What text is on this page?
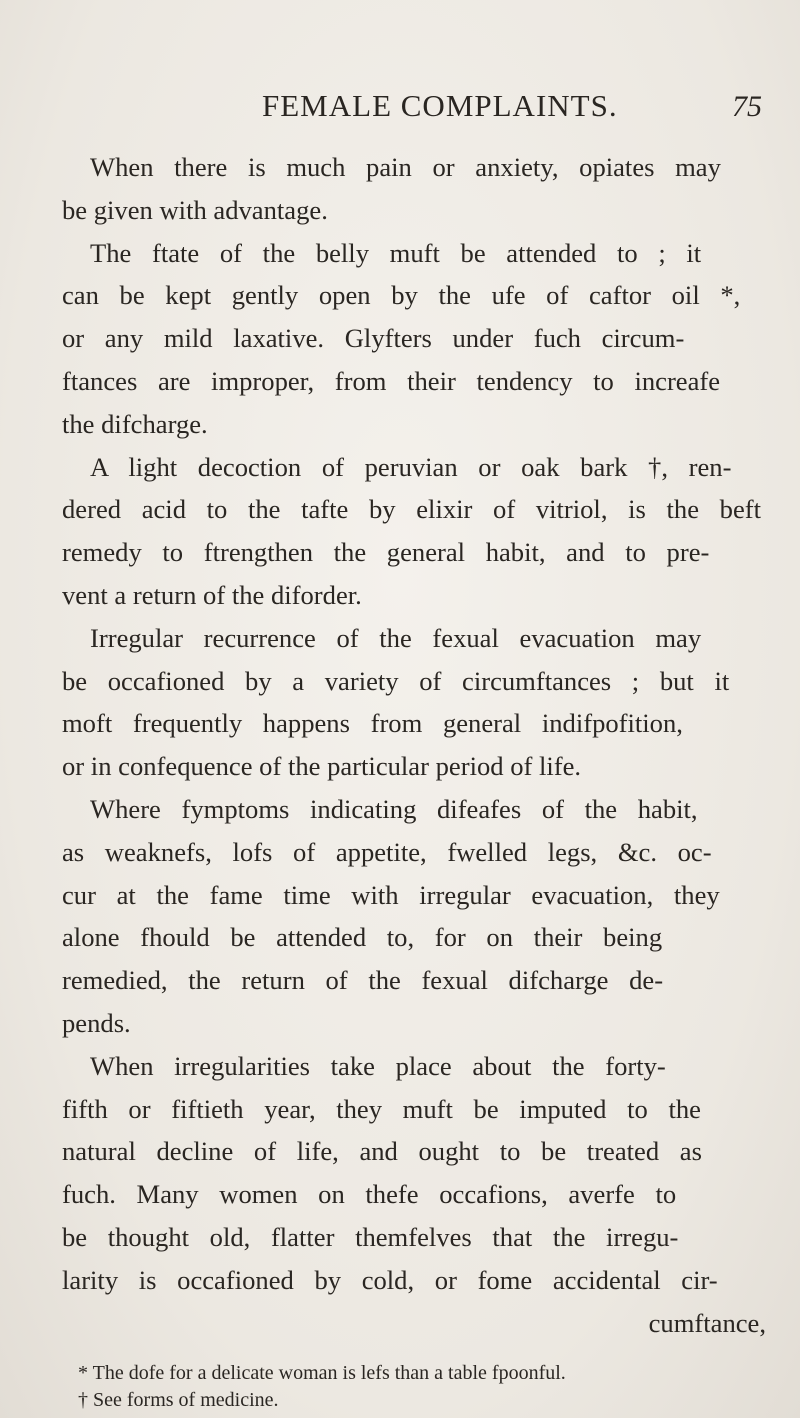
FEMALE COMPLAINTS.	75
When there is much pain or anxiety, opiates may
be given with advantage.
The ftate of the belly muft be attended to ; it
can be kept gently open by the ufe of caftor oil *,
or any mild laxative. Glyfters under fuch circum-
ftances are improper, from their tendency to increafe
the difcharge.
A light decoction of peruvian or oak bark †, ren-
dered acid to the tafte by elixir of vitriol, is the beft
remedy to ftrengthen the general habit, and to pre-
vent a return of the diforder.
Irregular recurrence of the fexual evacuation may
be occafioned by a variety of circumftances ; but it
moft frequently happens from general indifpofition,
or in confequence of the particular period of life.
Where fymptoms indicating difeafes of the habit,
as weaknefs, lofs of appetite, fwelled legs, &c. oc-
cur at the fame time with irregular evacuation, they
alone fhould be attended to, for on their being
remedied, the return of the fexual difcharge de-
pends.
When irregularities take place about the forty-
fifth or fiftieth year, they muft be imputed to the
natural decline of life, and ought to be treated as
fuch. Many women on thefe occafions, averfe to
be thought old, flatter themfelves that the irregu-
larity is occafioned by cold, or fome accidental cir-
cumftance,
* The dofe for a delicate woman is lefs than a table fpoonful.
† See forms of medicine.
